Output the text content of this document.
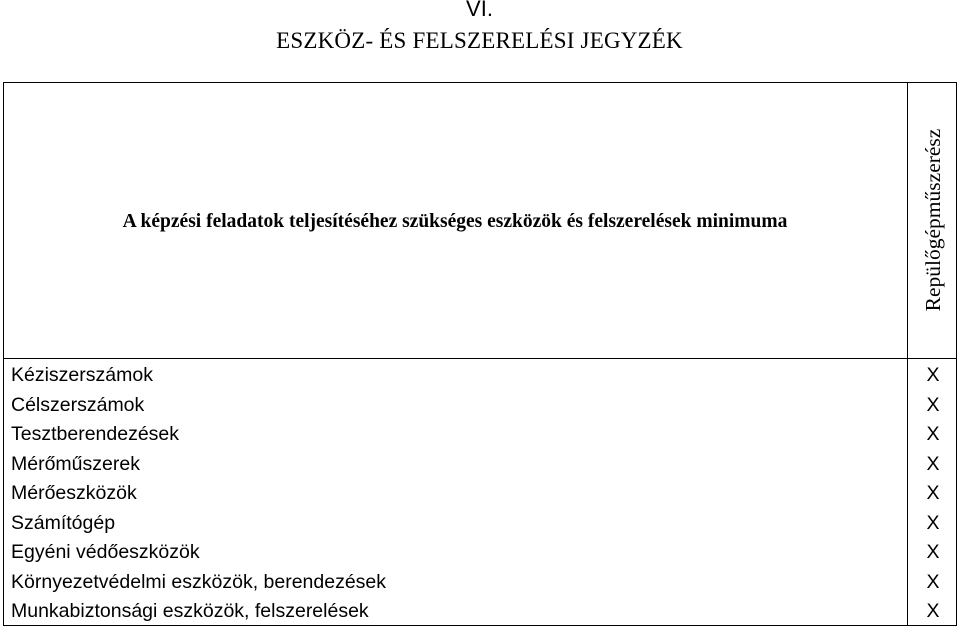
VI.
ESZKÖZ- ÉS FELSZERELÉSI JEGYZÉK
A képzési feladatok teljesítéséhez szükséges eszközök és felszerelések minimuma	Repülőgépműszerész
Kéziszerszámok
Célszerszámok
Tesztberendezések
Mérőműszerek
Mérőeszközök
Számítógép
Egyéni védőeszközök
Környezetvédelmi eszközök, berendezések
Munkabiztonsági eszközök, felszerelések
X
X
X
X
X
X
X
X
X
